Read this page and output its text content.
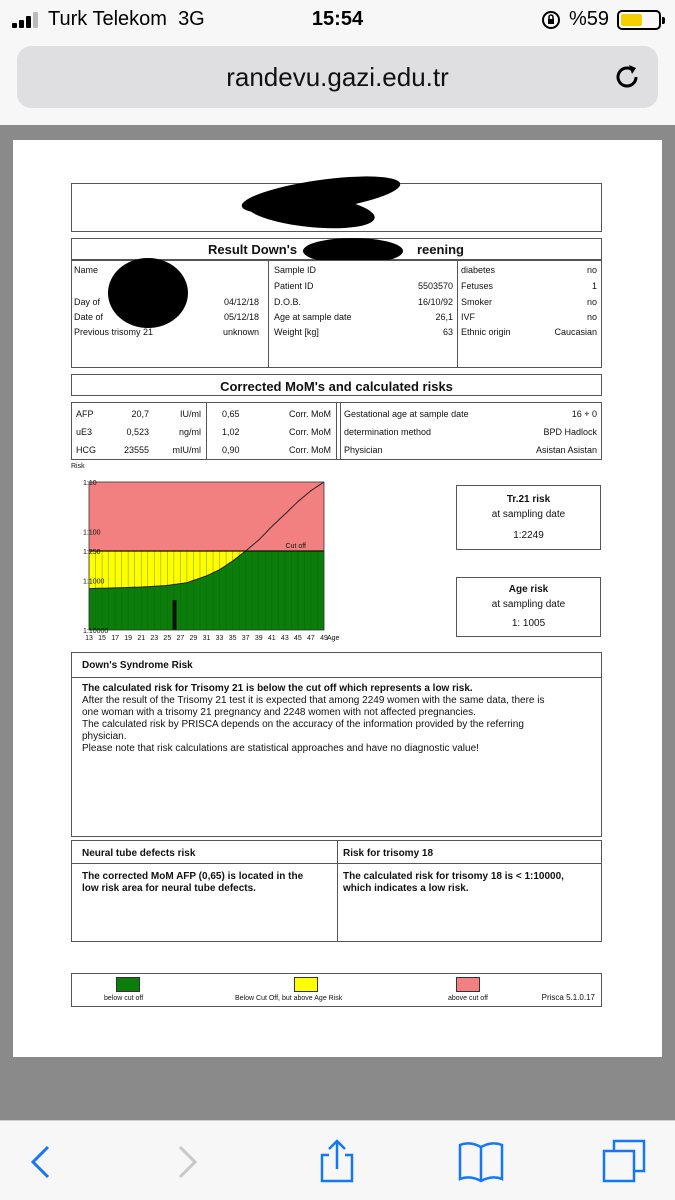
Turk Telekom 3G	15:54	%59
randevu.gazi.edu.tr
Result Down's	reening
Name
Day of	04/12/18
Date of	05/12/18
Previous trisomy 21	unknown
Sample ID
Patient ID	5503570
D.O.B.	16/10/92
Age at sample date	26,1
Weight [kg]	63
diabetes	no
Fetuses	1
Smoker	no
IVF	no
Ethnic origin	Caucasian
Corrected MoM's and calculated risks
AFP	20,7	IU/ml 0,65	Corr. MoM
uE3	0,523	ng/ml 1,02	Corr. MoM
HCG	23555	mIU/ml 0,90	Corr. MoM
Gestational age at sample date	16 + 0
determination method	BPD Hadlock
Physician	Asistan Asistan
Cut off
Risk
1:10
1:100
1:250
1:1000
1:10000
13 15 17 19 21 23 25 27 29 31 33 35 37 39 41 43 45 47 49 Age
Tr.21 risk
at sampling date
1:2249
Age risk
at sampling date
1: 1005
Down's Syndrome Risk
The calculated risk for Trisomy 21 is below the cut off which represents a low risk.
After the result of the Trisomy 21 test it is expected that among 2249 women with the same data, there is
one woman with a trisomy 21 pregnancy and 2248 women with not affected pregnancies.
The calculated risk by PRISCA depends on the accuracy of the information provided by the referring
physician.
Please note that risk calculations are statistical approaches and have no diagnostic value!
Neural tube defects risk
The corrected MoM AFP (0,65) is located in the
low risk area for neural tube defects.
Risk for trisomy 18
The calculated risk for trisomy 18 is < 1:10000,
which indicates a low risk.
below cut off	Below Cut Off, but above Age Risk	above cut off	Prisca 5.1.0.17
